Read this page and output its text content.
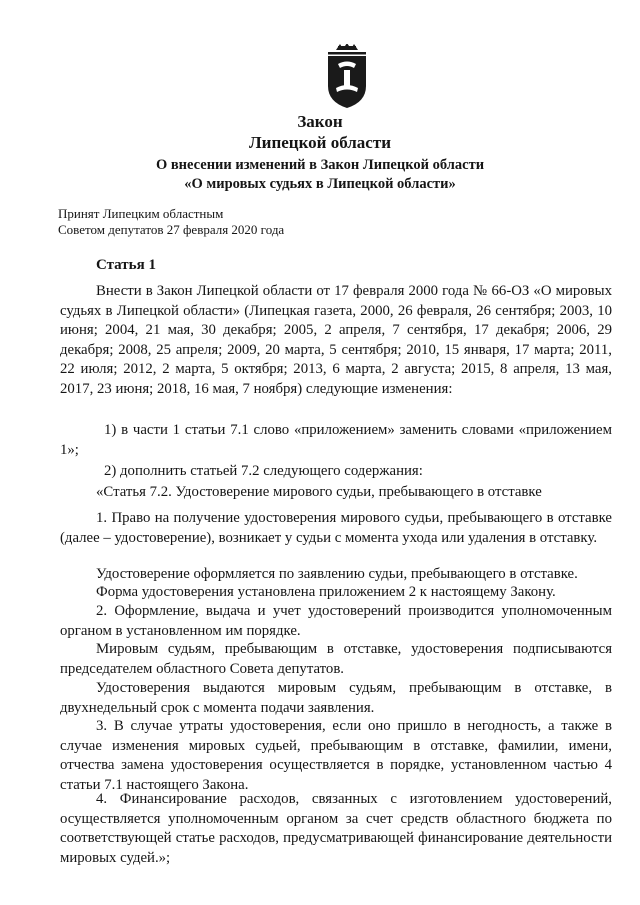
Закон
Липецкой области
О внесении изменений в Закон Липецкой области
«О мировых судьях в Липецкой области»
Принят Липецким областным
Советом депутатов 27 февраля 2020 года
Статья 1

Внести в Закон Липецкой области от 17 февраля 2000 года № 66-ОЗ «О мировых судьях в Липецкой области» (Липецкая газета, 2000, 26 февраля, 26 сентября; 2003, 10 июня; 2004, 21 мая, 30 декабря; 2005, 2 апреля, 7 сентября, 17 декабря; 2006, 29 декабря; 2008, 25 апреля; 2009, 20 марта, 5 сентября; 2010, 15 января, 17 марта; 2011, 22 июля; 2012, 2 марта, 5 октября; 2013, 6 марта, 2 августа; 2015, 8 апреля, 13 мая, 2017, 23 июня; 2018, 16 мая, 7 ноября) следующие изменения:

1) в части 1 статьи 7.1 слово «приложением» заменить словами «приложением 1»;

2) дополнить статьей 7.2 следующего содержания:

«Статья 7.2. Удостоверение мирового судьи, пребывающего в отставке

1. Право на получение удостоверения мирового судьи, пребывающего в отставке (далее – удостоверение), возникает у судьи с момента ухода или удаления в отставку.

Удостоверение оформляется по заявлению судьи, пребывающего в отставке.

Форма удостоверения установлена приложением 2 к настоящему Закону.

2. Оформление, выдача и учет удостоверений производится уполномоченным органом в установленном им порядке.

Мировым судьям, пребывающим в отставке, удостоверения подписываются председателем областного Совета депутатов.

Удостоверения выдаются мировым судьям, пребывающим в отставке, в двухнедельный срок с момента подачи заявления.

3. В случае утраты удостоверения, если оно пришло в негодность, а также в случае изменения мировых судьей, пребывающим в отставке, фамилии, имени, отчества замена удостоверения осуществляется в порядке, установленном частью 4 статьи 7.1 настоящего Закона.

4. Финансирование расходов, связанных с изготовлением удостоверений, осуществляется уполномоченным органом за счет средств областного бюджета по соответствующей статье расходов, предусматривающей финансирование деятельности мировых судей.»;
